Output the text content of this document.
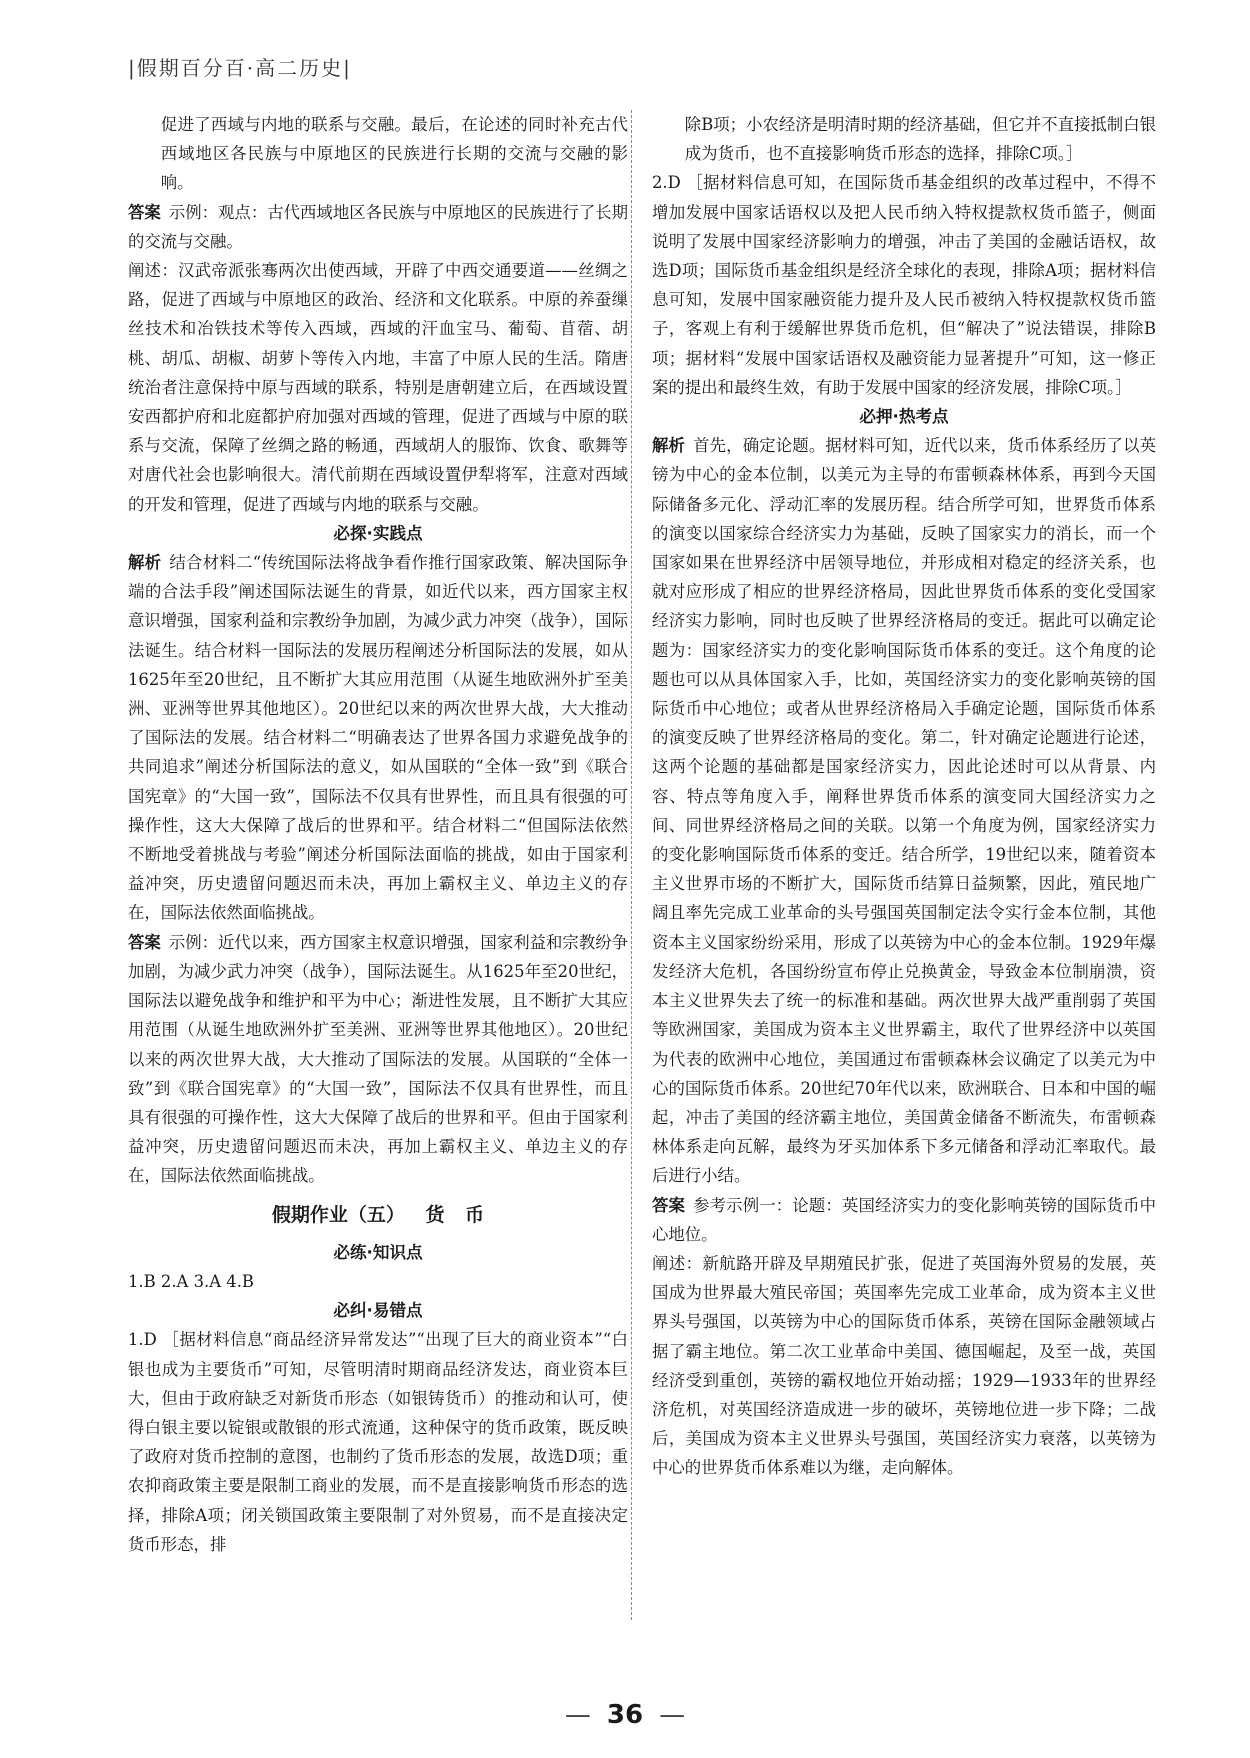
|假期百分百·高二历史|

促进了西域与内地的联系与交融。最后，在论述的同时补充古代西域地区各民族与中原地区的民族进行长期的交流与交融的影响。

答案 示例：观点：古代西域地区各民族与中原地区的民族进行了长期的交流与交融。

阐述：汉武帝派张骞两次出使西域，开辟了中西交通要道——丝绸之路，促进了西域与中原地区的政治、经济和文化联系。中原的养蚕缫丝技术和冶铁技术等传入西域，西域的汗血宝马、葡萄、苜蓿、胡桃、胡瓜、胡椒、胡萝卜等传入内地，丰富了中原人民的生活。隋唐统治者注意保持中原与西域的联系，特别是唐朝建立后，在西域设置安西都护府和北庭都护府加强对西域的管理，促进了西域与中原的联系与交流，保障了丝绸之路的畅通，西域胡人的服饰、饮食、歌舞等对唐代社会也影响很大。清代前期在西域设置伊犁将军，注意对西域的开发和管理，促进了西域与内地的联系与交融。

必探·实践点

解析 结合材料二“传统国际法将战争看作推行国家政策、解决国际争端的合法手段”阐述国际法诞生的背景，如近代以来，西方国家主权意识增强，国家利益和宗教纷争加剧，为减少武力冲突（战争），国际法诞生。结合材料一国际法的发展历程阐述分析国际法的发展，如从1625年至20世纪，且不断扩大其应用范围（从诞生地欧洲外扩至美洲、亚洲等世界其他地区）。20世纪以来的两次世界大战，大大推动了国际法的发展。结合材料二“明确表达了世界各国力求避免战争的共同追求”阐述分析国际法的意义，如从国联的“全体一致”到《联合国宪章》的“大国一致”，国际法不仅具有世界性，而且具有很强的可操作性，这大大保障了战后的世界和平。结合材料二“但国际法依然不断地受着挑战与考验”阐述分析国际法面临的挑战，如由于国家利益冲突，历史遗留问题迟而未决，再加上霸权主义、单边主义的存在，国际法依然面临挑战。

答案 示例：近代以来，西方国家主权意识增强，国家利益和宗教纷争加剧，为减少武力冲突（战争），国际法诞生。从1625年至20世纪，国际法以避免战争和维护和平为中心；渐进性发展，且不断扩大其应用范围（从诞生地欧洲外扩至美洲、亚洲等世界其他地区）。20世纪以来的两次世界大战，大大推动了国际法的发展。从国联的“全体一致”到《联合国宪章》的“大国一致”，国际法不仅具有世界性，而且具有很强的可操作性，这大大保障了战后的世界和平。但由于国家利益冲突，历史遗留问题迟而未决，再加上霸权主义、单边主义的存在，国际法依然面临挑战。

假期作业（五） 货 币

必练·知识点

1.B 2.A 3.A 4.B

必纠·易错点

1.D ［据材料信息“商品经济异常发达”“出现了巨大的商业资本”“白银也成为主要货币”可知，尽管明清时期商品经济发达，商业资本巨大，但由于政府缺乏对新货币形态（如银铸货币）的推动和认可，使得白银主要以锭银或散银的形式流通，这种保守的货币政策，既反映了政府对货币控制的意图，也制约了货币形态的发展，故选D项；重农抑商政策主要是限制工商业的发展，而不是直接影响货币形态的选择，排除A项；闭关锁国政策主要限制了对外贸易，而不是直接决定货币形态，排

除B项；小农经济是明清时期的经济基础，但它并不直接抵制白银成为货币，也不直接影响货币形态的选择，排除C项。］

2.D ［据材料信息可知，在国际货币基金组织的改革过程中，不得不增加发展中国家话语权以及把人民币纳入特权提款权货币篮子，侧面说明了发展中国家经济影响力的增强，冲击了美国的金融话语权，故选D项；国际货币基金组织是经济全球化的表现，排除A项；据材料信息可知，发展中国家融资能力提升及人民币被纳入特权提款权货币篮子，客观上有利于缓解世界货币危机，但“解决了”说法错误，排除B项；据材料“发展中国家话语权及融资能力显著提升”可知，这一修正案的提出和最终生效，有助于发展中国家的经济发展，排除C项。］

必押·热考点

解析 首先，确定论题。据材料可知，近代以来，货币体系经历了以英镑为中心的金本位制，以美元为主导的布雷顿森林体系，再到今天国际储备多元化、浮动汇率的发展历程。结合所学可知，世界货币体系的演变以国家综合经济实力为基础，反映了国家实力的消长，而一个国家如果在世界经济中居领导地位，并形成相对稳定的经济关系，也就对应形成了相应的世界经济格局，因此世界货币体系的变化受国家经济实力影响，同时也反映了世界经济格局的变迁。据此可以确定论题为：国家经济实力的变化影响国际货币体系的变迁。这个角度的论题也可以从具体国家入手，比如，英国经济实力的变化影响英镑的国际货币中心地位；或者从世界经济格局入手确定论题，国际货币体系的演变反映了世界经济格局的变化。第二，针对确定论题进行论述，这两个论题的基础都是国家经济实力，因此论述时可以从背景、内容、特点等角度入手，阐释世界货币体系的演变同大国经济实力之间、同世界经济格局之间的关联。以第一个角度为例，国家经济实力的变化影响国际货币体系的变迁。结合所学，19世纪以来，随着资本主义世界市场的不断扩大，国际货币结算日益频繁，因此，殖民地广阔且率先完成工业革命的头号强国英国制定法令实行金本位制，其他资本主义国家纷纷采用，形成了以英镑为中心的金本位制。1929年爆发经济大危机，各国纷纷宣布停止兑换黄金，导致金本位制崩溃，资本主义世界失去了统一的标准和基础。两次世界大战严重削弱了英国等欧洲国家，美国成为资本主义世界霸主，取代了世界经济中以英国为代表的欧洲中心地位，美国通过布雷顿森林会议确定了以美元为中心的国际货币体系。20世纪70年代以来，欧洲联合、日本和中国的崛起，冲击了美国的经济霸主地位，美国黄金储备不断流失，布雷顿森林体系走向瓦解，最终为牙买加体系下多元储备和浮动汇率取代。最后进行小结。

答案 参考示例一：论题：英国经济实力的变化影响英镑的国际货币中心地位。

阐述：新航路开辟及早期殖民扩张，促进了英国海外贸易的发展，英国成为世界最大殖民帝国；英国率先完成工业革命，成为资本主义世界头号强国，以英镑为中心的国际货币体系，英镑在国际金融领域占据了霸主地位。第二次工业革命中美国、德国崛起，及至一战，英国经济受到重创，英镑的霸权地位开始动摇；1929—1933年的世界经济危机，对英国经济造成进一步的破坏，英镑地位进一步下降；二战后，美国成为资本主义世界头号强国，英国经济实力衰落，以英镑为中心的世界货币体系难以为继，走向解体。

— 36 —
